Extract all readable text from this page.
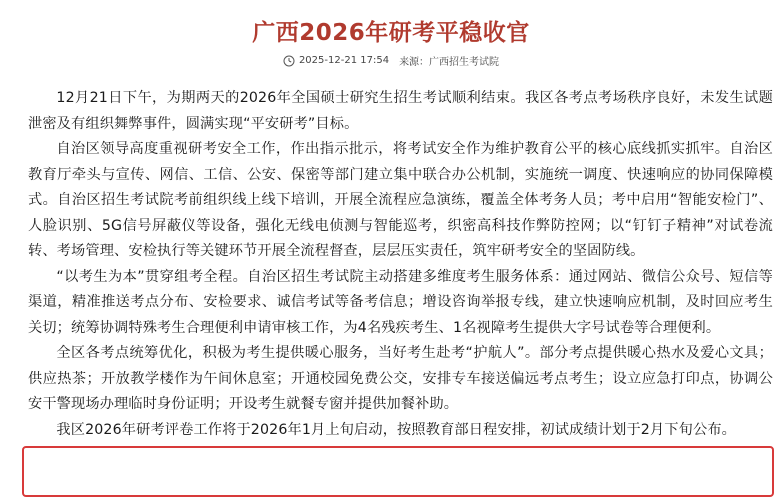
广西2026年研考平稳收官
2025-12-21 17:54 来源：广西招生考试院

12月21日下午，为期两天的2026年全国硕士研究生招生考试顺利结束。我区各考点考场秩序良好，未发生试题泄密及有组织舞弊事件，圆满实现“平安研考”目标。

自治区领导高度重视研考安全工作，作出指示批示，将考试安全作为维护教育公平的核心底线抓实抓牢。自治区教育厅牵头与宣传、网信、工信、公安、保密等部门建立集中联合办公机制，实施统一调度、快速响应的协同保障模式。自治区招生考试院考前组织线上线下培训，开展全流程应急演练，覆盖全体考务人员；考中启用“智能安检门”、人脸识别、5G信号屏蔽仪等设备，强化无线电侦测与智能巡考，织密高科技作弊防控网；以“钉钉子精神”对试卷流转、考场管理、安检执行等关键环节开展全流程督查，层层压实责任，筑牢研考安全的坚固防线。

“以考生为本”贯穿组考全程。自治区招生考试院主动搭建多维度考生服务体系：通过网站、微信公众号、短信等渠道，精准推送考点分布、安检要求、诚信考试等备考信息；增设咨询举报专线，建立快速响应机制，及时回应考生关切；统筹协调特殊考生合理便利申请审核工作，为4名残疾考生、1名视障考生提供大字号试卷等合理便利。

全区各考点统筹优化，积极为考生提供暖心服务，当好考生赴考“护航人”。部分考点提供暖心热水及爱心文具；供应热茶；开放教学楼作为午间休息室；开通校园免费公交，安排专车接送偏远考点考生；设立应急打印点，协调公安干警现场办理临时身份证明；开设考生就餐专窗并提供加餐补助。

我区2026年研考评卷工作将于2026年1月上旬启动，按照教育部日程安排，初试成绩计划于2月下旬公布。
